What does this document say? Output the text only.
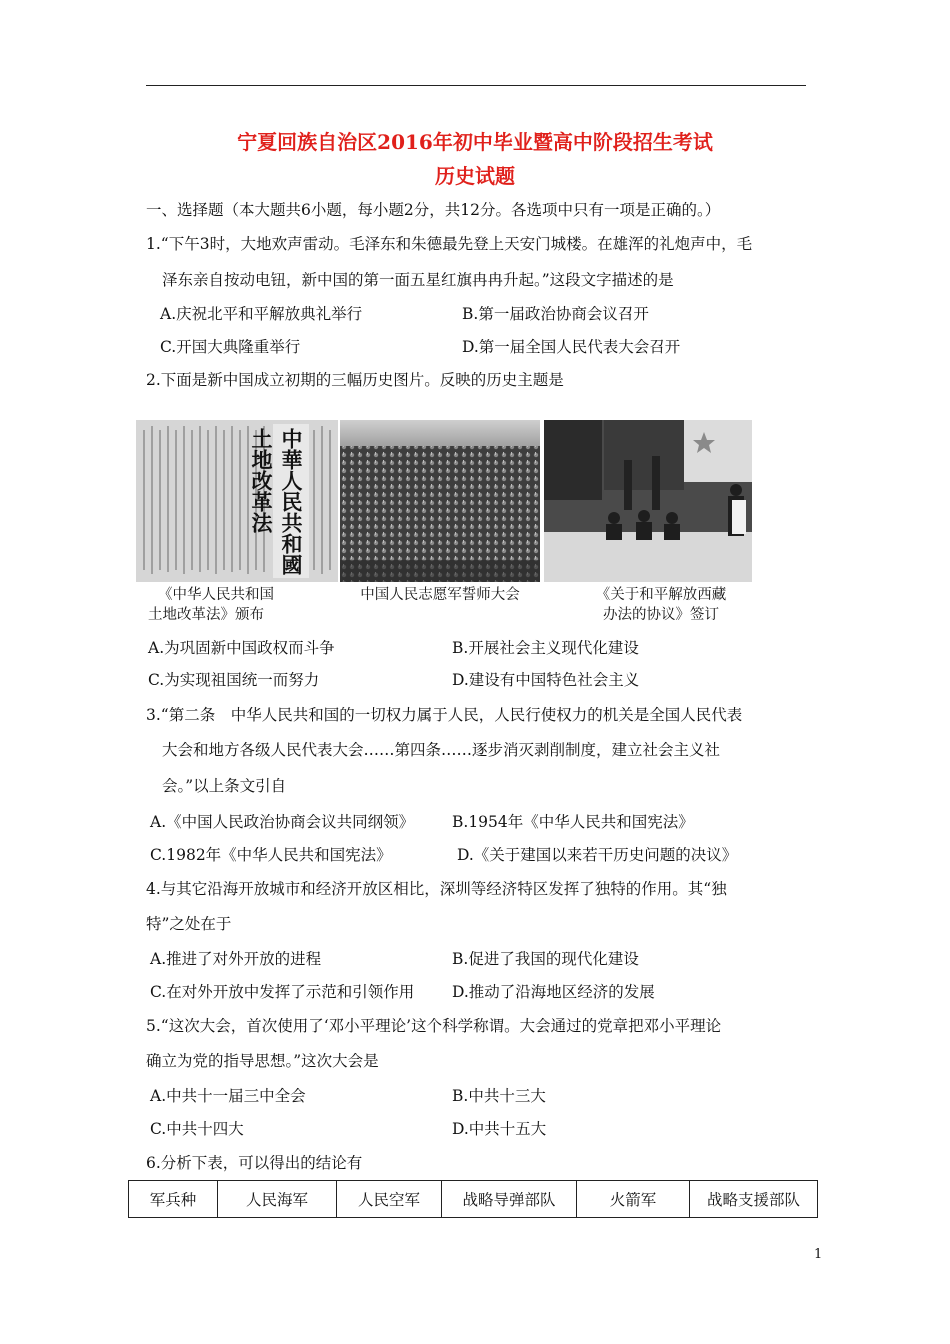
宁夏回族自治区2016年初中毕业暨高中阶段招生考试
历史试题
一、选择题（本大题共6小题，每小题2分，共12分。各选项中只有一项是正确的。）
1.“下午3时，大地欢声雷动。毛泽东和朱德最先登上天安门城楼。在雄浑的礼炮声中，毛
泽东亲自按动电钮，新中国的第一面五星红旗冉冉升起。”这段文字描述的是
A.庆祝北平和平解放典礼举行	B.第一届政治协商会议召开
C.开国大典隆重举行	D.第一届全国人民代表大会召开
2.下面是新中国成立初期的三幅历史图片。反映的历史主题是
中華人民共和國土地改革法
《中华人民共和国
土地改革法》颁布
中国人民志愿军誓师大会	《关于和平解放西藏
办法的协议》签订
A.为巩固新中国政权而斗争	B.开展社会主义现代化建设
C.为实现祖国统一而努力	D.建设有中国特色社会主义
3.“第二条　中华人民共和国的一切权力属于人民，人民行使权力的机关是全国人民代表
大会和地方各级人民代表大会……第四条……逐步消灭剥削制度，建立社会主义社
会。”以上条文引自
A.《中国人民政治协商会议共同纲领》 B.1954年《中华人民共和国宪法》
C.1982年《中华人民共和国宪法》	D.《关于建国以来若干历史问题的决议》
4.与其它沿海开放城市和经济开放区相比，深圳等经济特区发挥了独特的作用。其“独
特”之处在于
A.推进了对外开放的进程	B.促进了我国的现代化建设
C.在对外开放中发挥了示范和引领作用 D.推动了沿海地区经济的发展
5.“这次大会，首次使用了‘邓小平理论’这个科学称谓。大会通过的党章把邓小平理论
确立为党的指导思想。”这次大会是
A.中共十一届三中全会	B.中共十三大
C.中共十四大	D.中共十五大
6.分析下表，可以得出的结论有
军兵种	人民海军	人民空军	战略导弹部队	火箭军	战略支援部队
1
